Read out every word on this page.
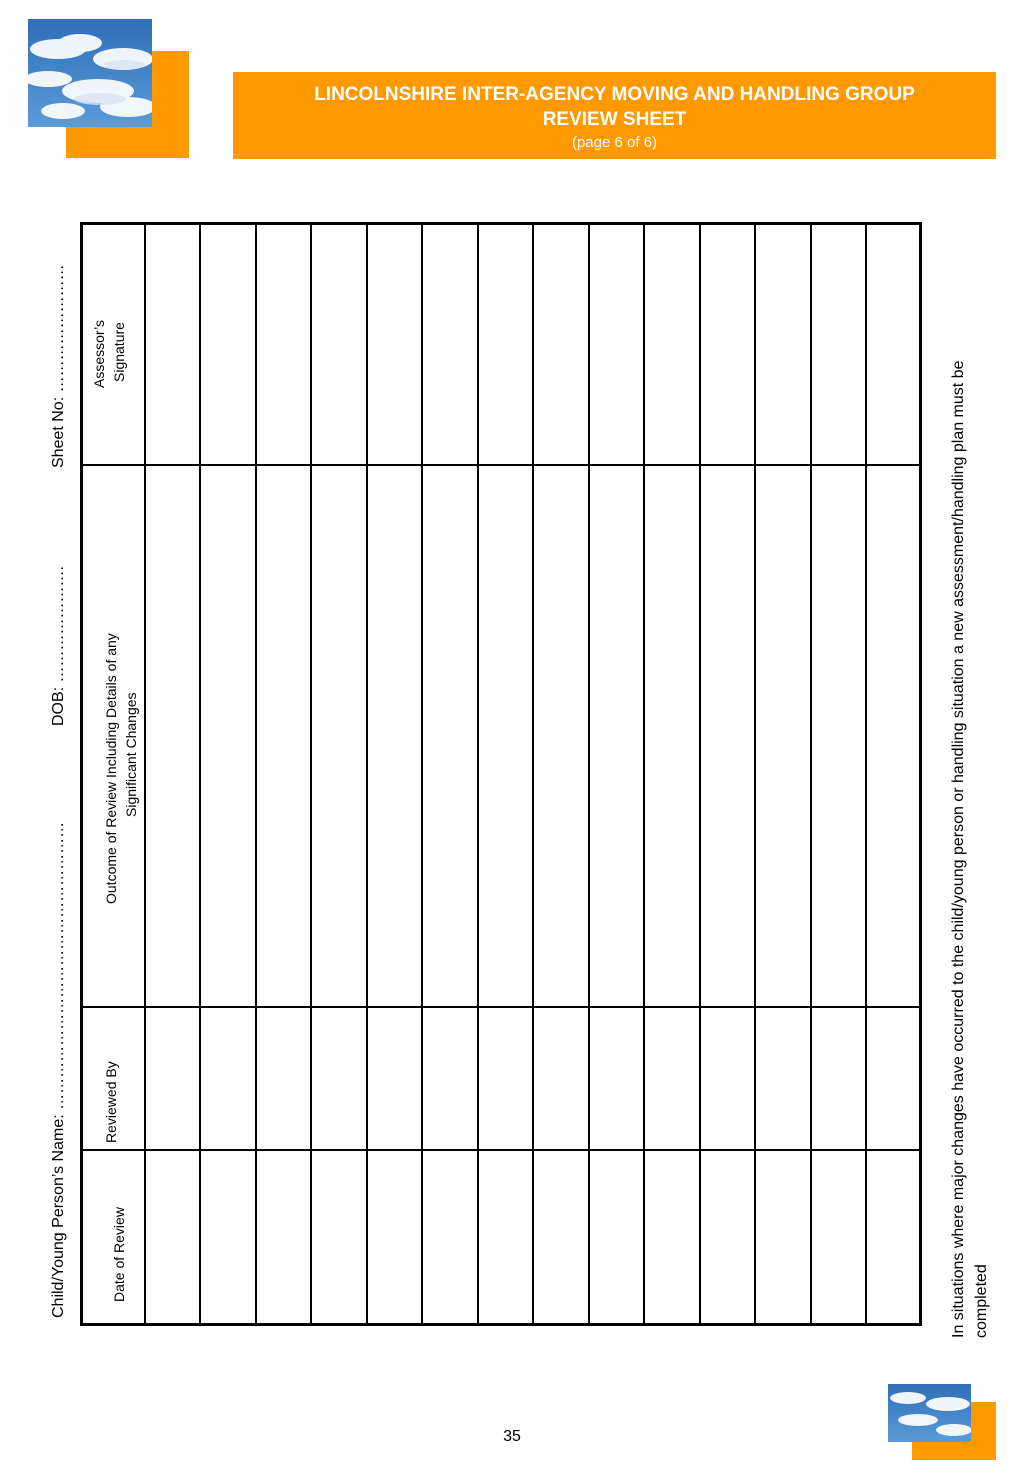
LINCOLNSHIRE INTER-AGENCY MOVING AND HANDLING GROUP
REVIEW SHEET
(page 6 of 6)
Child/Young Person’s Name: ………………………………………………
DOB: ………………….
Sheet No: ……………………
Date of Review
Reviewed By
Outcome of Review Including Details of any Significant Changes
Assessor’s Signature
In situations where major changes have occurred to the child/young person or handling situation a new assessment/handling plan must be completed
35
